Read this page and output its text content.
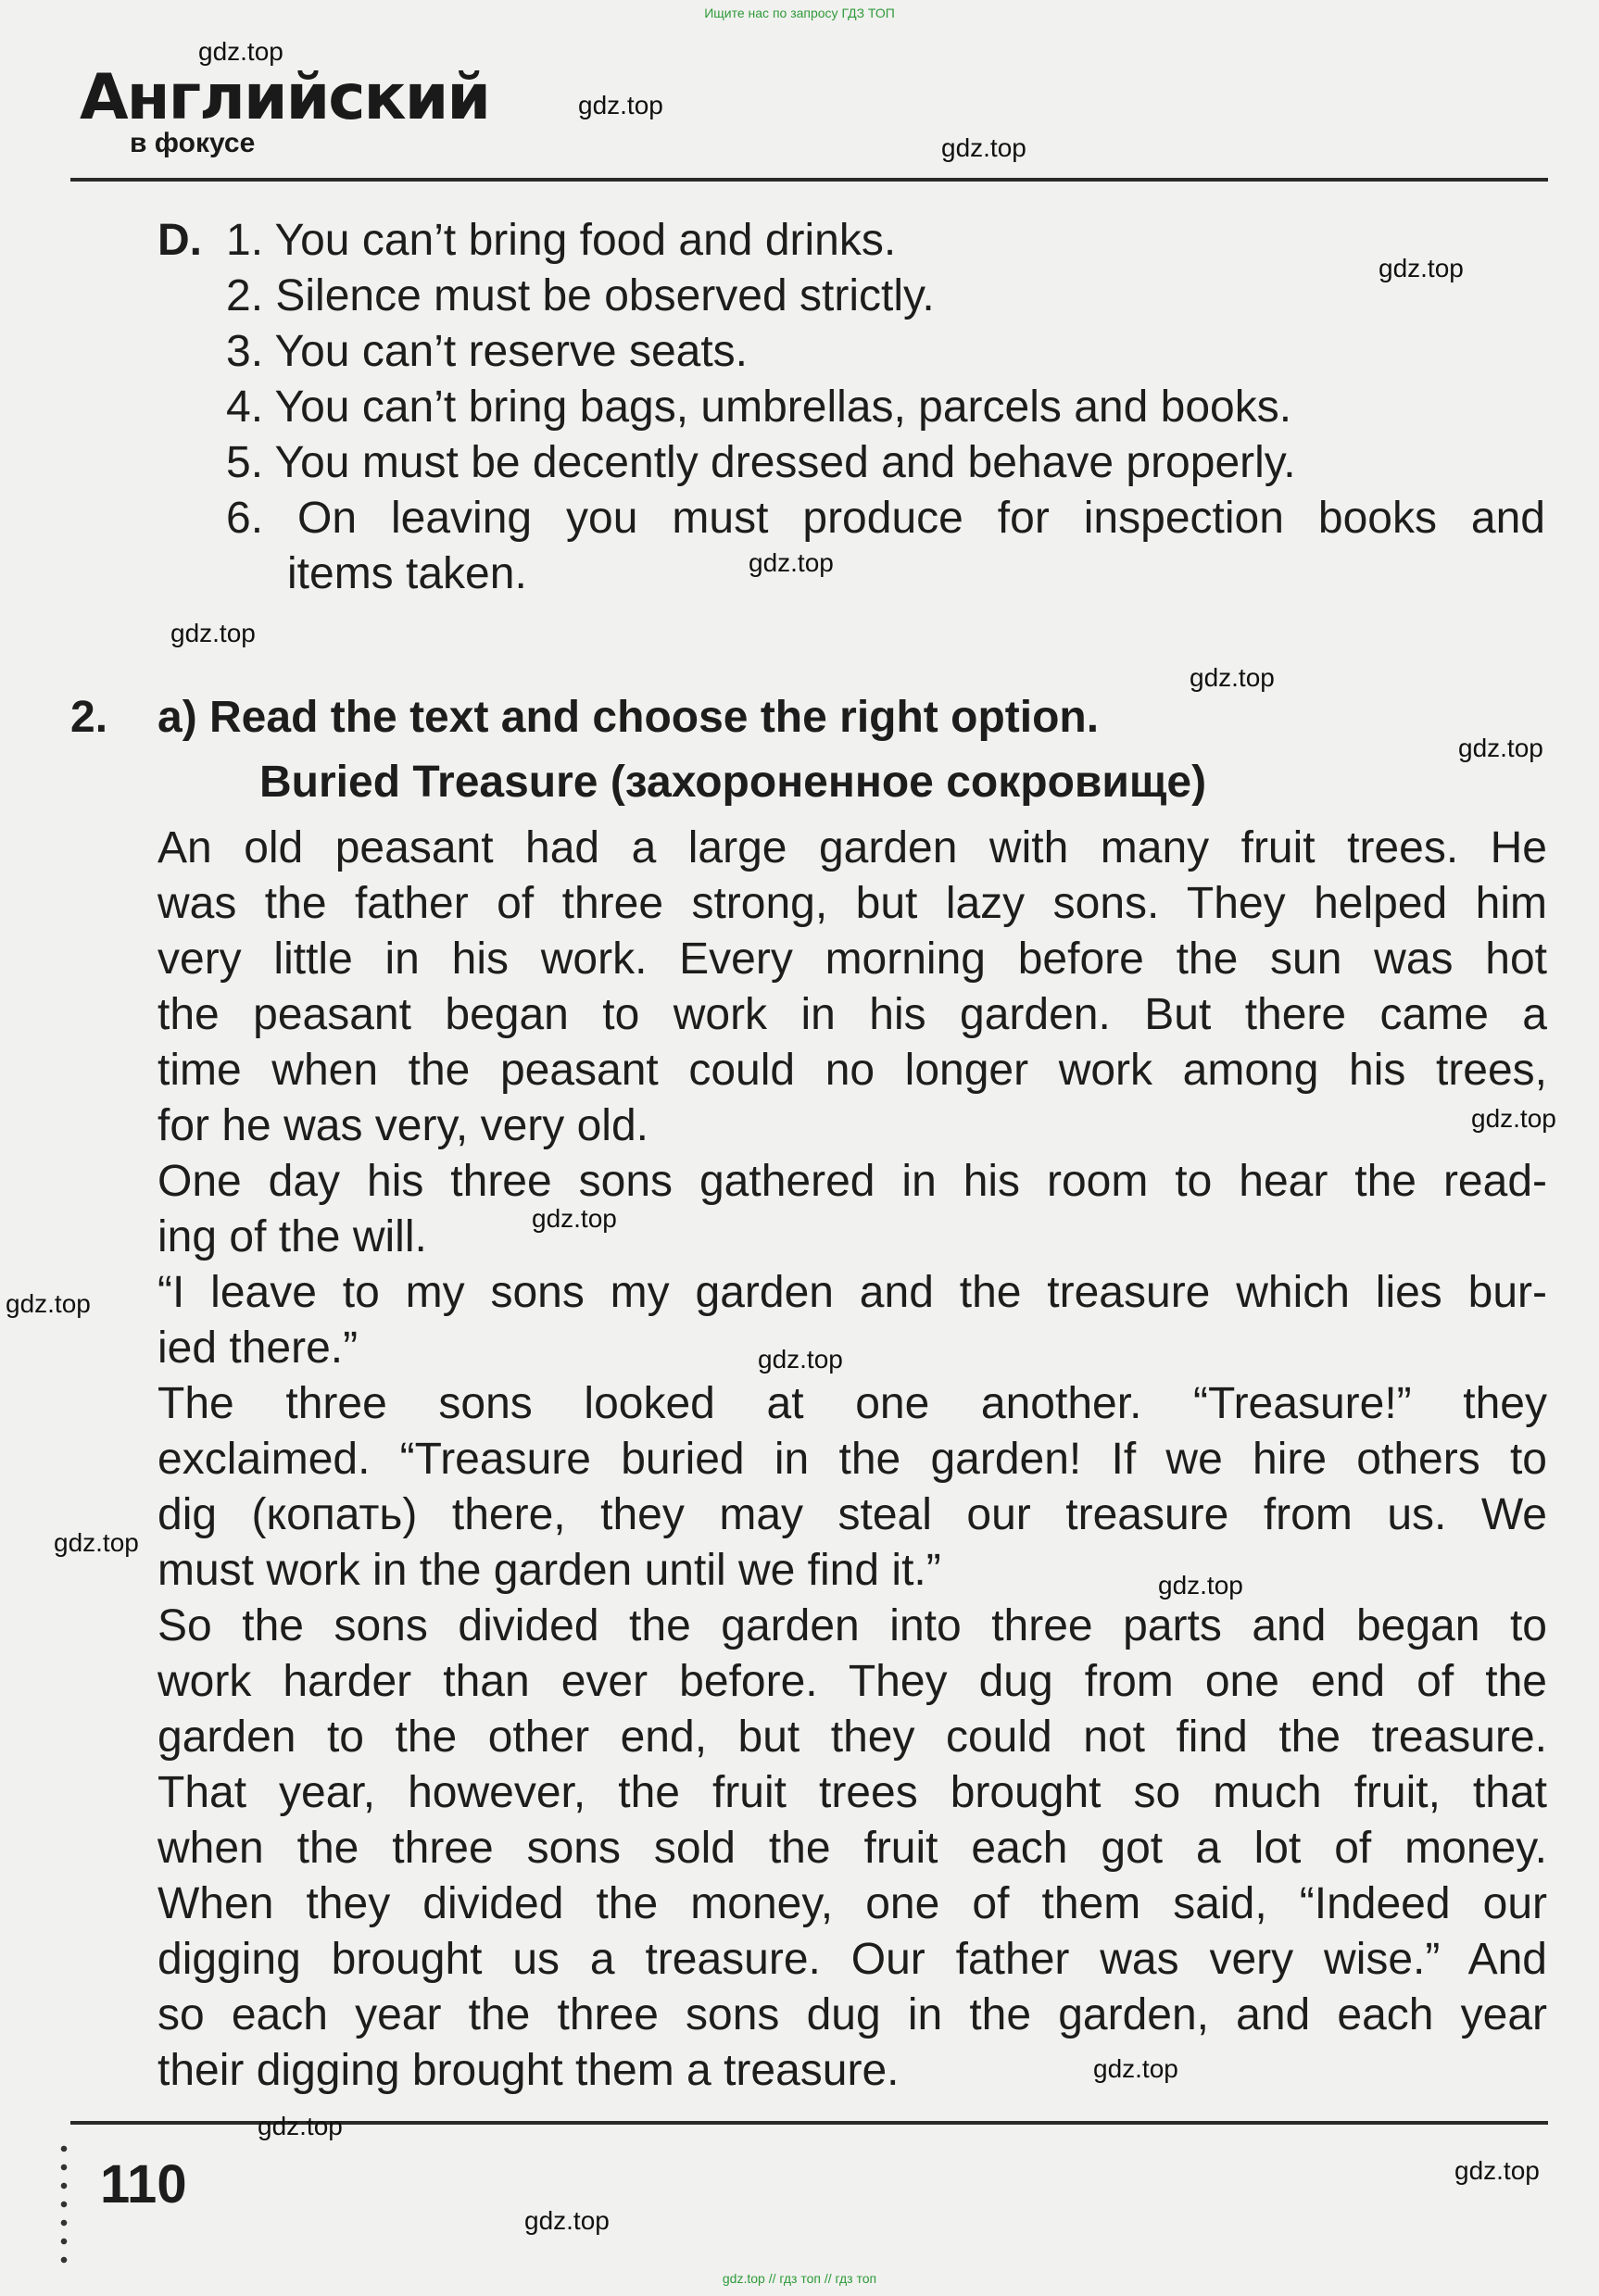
Ищите нас по запросу ГДЗ ТОП
Английский
в фокусе
D. 1. You can’t bring food and drinks.
2. Silence must be observed strictly.
3. You can’t reserve seats.
4. You can’t bring bags, umbrellas, parcels and books.
5. You must be decently dressed and behave properly.
6. On leaving you must produce for inspection books and
items taken.
2. a) Read the text and choose the right option.
Buried Treasure (захороненное сокровище)
An old peasant had a large garden with many fruit trees. He
was the father of three strong, but lazy sons. They helped him
very little in his work. Every morning before the sun was hot
the peasant began to work in his garden. But there came a
time when the peasant could no longer work among his trees,
for he was very, very old.
One day his three sons gathered in his room to hear the read-
ing of the will.
“I leave to my sons my garden and the treasure which lies bur-
ied there.”
The three sons looked at one another. “Treasure!” they
exclaimed. “Treasure buried in the garden! If we hire others to
dig (копать) there, they may steal our treasure from us. We
must work in the garden until we find it.”
So the sons divided the garden into three parts and began to
work harder than ever before. They dug from one end of the
garden to the other end, but they could not find the treasure.
That year, however, the fruit trees brought so much fruit, that
when the three sons sold the fruit each got a lot of money.
When they divided the money, one of them said, “Indeed our
digging brought us a treasure. Our father was very wise.” And
so each year the three sons dug in the garden, and each year
their digging brought them a treasure.
110
gdz.top // гдз топ // гдз топ
gdz.top
gdz.top
gdz.top
gdz.top
gdz.top
gdz.top
gdz.top
gdz.top
gdz.top
gdz.top
gdz.top
gdz.top
gdz.top
gdz.top
gdz.top
gdz.top
gdz.top
gdz.top
